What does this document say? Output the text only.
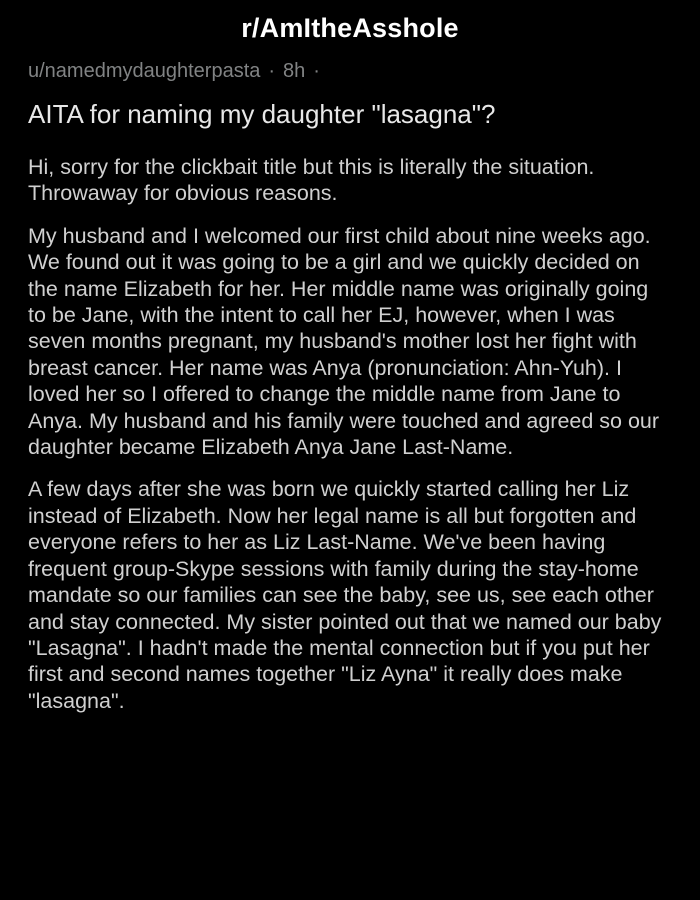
r/AmItheAsshole
u/namedmydaughterpasta · 8h ·
AITA for naming my daughter "lasagna"?

Hi, sorry for the clickbait title but this is literally the situation. Throwaway for obvious reasons.

My husband and I welcomed our first child about nine weeks ago. We found out it was going to be a girl and we quickly decided on the name Elizabeth for her. Her middle name was originally going to be Jane, with the intent to call her EJ, however, when I was seven months pregnant, my husband's mother lost her fight with breast cancer. Her name was Anya (pronunciation: Ahn-Yuh). I loved her so I offered to change the middle name from Jane to Anya. My husband and his family were touched and agreed so our daughter became Elizabeth Anya Jane Last-Name.

A few days after she was born we quickly started calling her Liz instead of Elizabeth. Now her legal name is all but forgotten and everyone refers to her as Liz Last-Name. We've been having frequent group-Skype sessions with family during the stay-home mandate so our families can see the baby, see us, see each other and stay connected. My sister pointed out that we named our baby "Lasagna". I hadn't made the mental connection but if you put her first and second names together "Liz Ayna" it really does make "lasagna".
